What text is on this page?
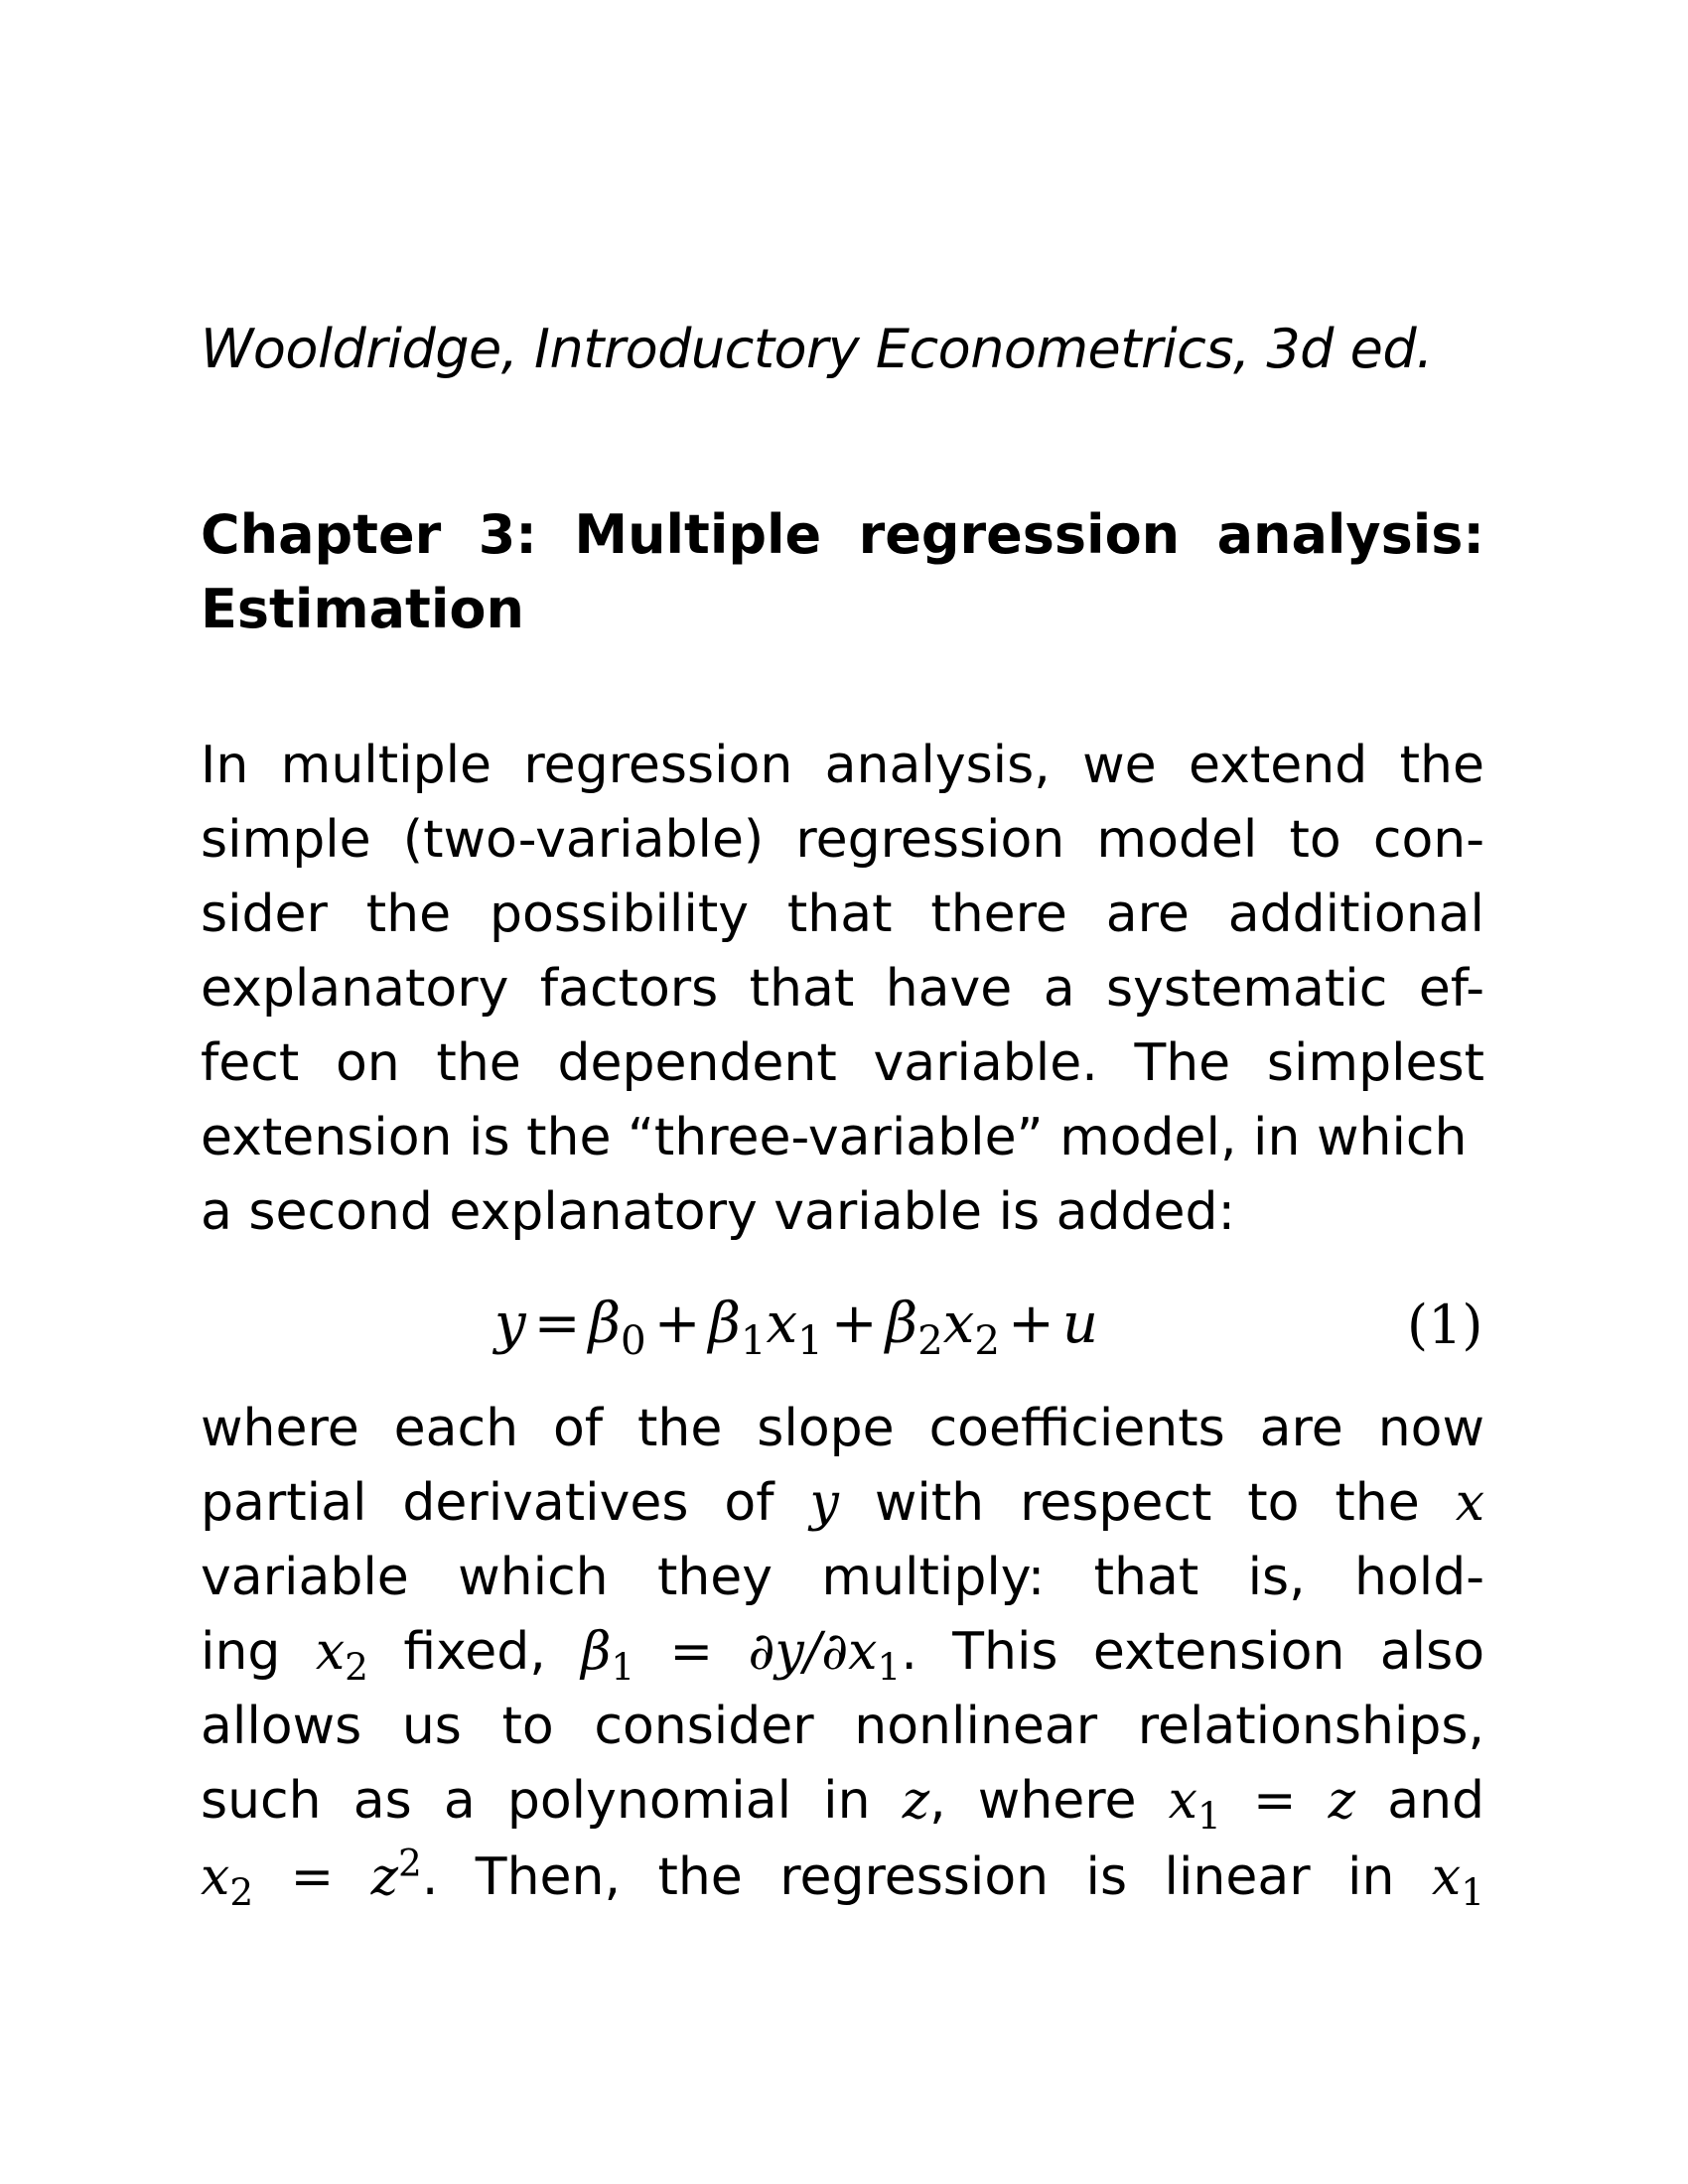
Wooldridge, Introductory Econometrics, 3d ed.
Chapter 3: Multiple regression analysis:
Estimation
In multiple regression analysis, we extend the
simple (two-variable) regression model to con-
sider the possibility that there are additional
explanatory factors that have a systematic ef-
fect on the dependent variable. The simplest
extension is the “three-variable” model, in which
a second explanatory variable is added:
$y = \beta_0 + \beta_1x_1 + \beta_2x_2 + u$	(1)
where each of the slope coefficients are now
partial derivatives of y with respect to the x
variable which they multiply: that is, hold-
ing $x_2$ fixed, $\beta_1 = \partial y/\partial x_1$. This extension also
allows us to consider nonlinear relationships,
such as a polynomial in z, where $x_1 = z$ and
$x_2 = z^2$. Then, the regression is linear in $x_1$
